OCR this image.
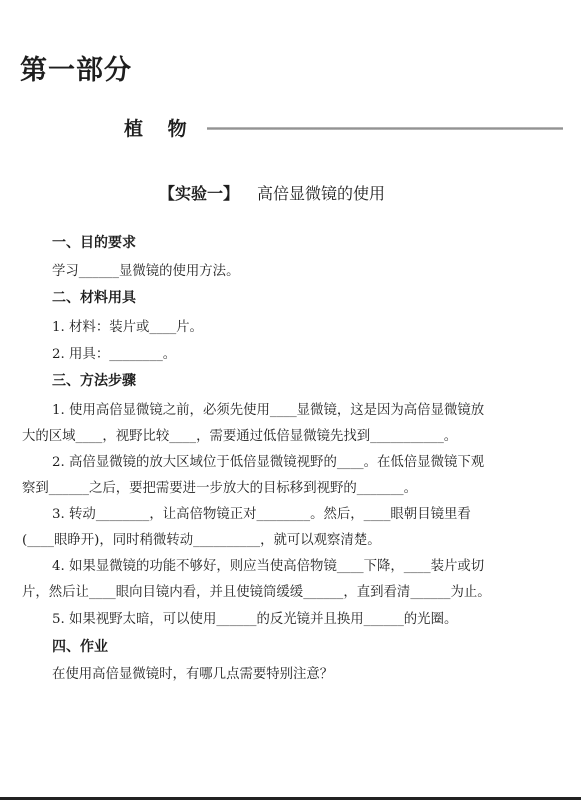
第一部分
植 物
【实验一】 高倍显微镜的使用
一、目的要求
学习______显微镜的使用方法。
二、材料用具
1. 材料：装片或____片。
2. 用具：________。
三、方法步骤
1. 使用高倍显微镜之前，必须先使用____显微镜，这是因为高倍显微镜放
大的区域____，视野比较____，需要通过低倍显微镜先找到___________。
2. 高倍显微镜的放大区域位于低倍显微镜视野的____。在低倍显微镜下观
察到______之后，要把需要进一步放大的目标移到视野的_______。
3. 转动________，让高倍物镜正对________。然后，____眼朝目镜里看
(____眼睁开)，同时稍微转动__________，就可以观察清楚。
4. 如果显微镜的功能不够好，则应当使高倍物镜____下降，____装片或切
片，然后让____眼向目镜内看，并且使镜筒缓缓______，直到看清______为止。
5. 如果视野太暗，可以使用______的反光镜并且换用______的光圈。
四、作业
在使用高倍显微镜时，有哪几点需要特别注意？
